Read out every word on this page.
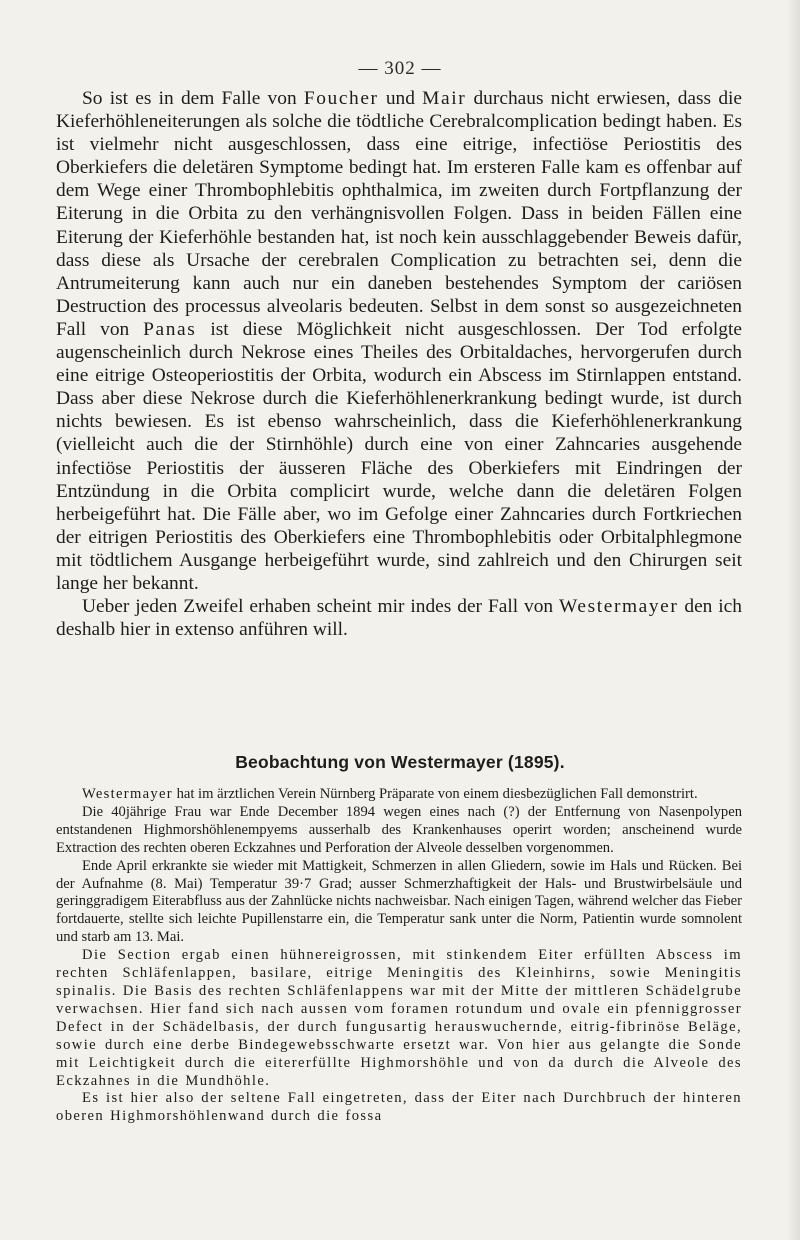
— 302 —

So ist es in dem Falle von Foucher und Mair durchaus nicht erwiesen, dass die Kieferhöhleneiterungen als solche die tödtliche Cerebralcomplication bedingt haben. Es ist vielmehr nicht ausgeschlossen, dass eine eitrige, infectiöse Periostitis des Oberkiefers die deletären Symptome bedingt hat. Im ersteren Falle kam es offenbar auf dem Wege einer Thrombophlebitis ophthalmica, im zweiten durch Fortpflanzung der Eiterung in die Orbita zu den verhängnisvollen Folgen. Dass in beiden Fällen eine Eiterung der Kieferhöhle bestanden hat, ist noch kein ausschlaggebender Beweis dafür, dass diese als Ursache der cerebralen Complication zu betrachten sei, denn die Antrumeiterung kann auch nur ein daneben bestehendes Symptom der cariösen Destruction des processus alveolaris bedeuten. Selbst in dem sonst so ausgezeichneten Fall von Panas ist diese Möglichkeit nicht ausgeschlossen. Der Tod erfolgte augenscheinlich durch Nekrose eines Theiles des Orbitaldaches, hervorgerufen durch eine eitrige Osteoperiostitis der Orbita, wodurch ein Abscess im Stirnlappen entstand. Dass aber diese Nekrose durch die Kieferhöhlenerkrankung bedingt wurde, ist durch nichts bewiesen. Es ist ebenso wahrscheinlich, dass die Kieferhöhlenerkrankung (vielleicht auch die der Stirnhöhle) durch eine von einer Zahncaries ausgehende infectiöse Periostitis der äusseren Fläche des Oberkiefers mit Eindringen der Entzündung in die Orbita complicirt wurde, welche dann die deletären Folgen herbeigeführt hat. Die Fälle aber, wo im Gefolge einer Zahncaries durch Fortkriechen der eitrigen Periostitis des Oberkiefers eine Thrombophlebitis oder Orbitalphlegmone mit tödtlichem Ausgange herbeigeführt wurde, sind zahlreich und den Chirurgen seit lange her bekannt.

Ueber jeden Zweifel erhaben scheint mir indes der Fall von Westermayer den ich deshalb hier in extenso anführen will.

Beobachtung von Westermayer (1895).

Westermayer hat im ärztlichen Verein Nürnberg Präparate von einem diesbezüglichen Fall demonstrirt.

Die 40jährige Frau war Ende December 1894 wegen eines nach (?) der Entfernung von Nasenpolypen entstandenen Highmorshöhlenempyems ausserhalb des Krankenhauses operirt worden; anscheinend wurde Extraction des rechten oberen Eckzahnes und Perforation der Alveole desselben vorgenommen.

Ende April erkrankte sie wieder mit Mattigkeit, Schmerzen in allen Gliedern, sowie im Hals und Rücken. Bei der Aufnahme (8. Mai) Temperatur 39·7 Grad; ausser Schmerzhaftigkeit der Hals- und Brustwirbelsäule und geringgradigem Eiterabfluss aus der Zahnlücke nichts nachweisbar. Nach einigen Tagen, während welcher das Fieber fortdauerte, stellte sich leichte Pupillenstarre ein, die Temperatur sank unter die Norm, Patientin wurde somnolent und starb am 13. Mai.

Die Section ergab einen hühnereigrossen, mit stinkendem Eiter erfüllten Abscess im rechten Schläfenlappen, basilare, eitrige Meningitis des Kleinhirns, sowie Meningitis spinalis. Die Basis des rechten Schläfenlappens war mit der Mitte der mittleren Schädelgrube verwachsen. Hier fand sich nach aussen vom foramen rotundum und ovale ein pfenniggrosser Defect in der Schädelbasis, der durch fungusartig herauswuchernde, eitrig-fibrinöse Beläge, sowie durch eine derbe Bindegewebsschwarte ersetzt war. Von hier aus gelangte die Sonde mit Leichtigkeit durch die eitererfüllte Highmorshöhle und von da durch die Alveole des Eckzahnes in die Mundhöhle.

Es ist hier also der seltene Fall eingetreten, dass der Eiter nach Durchbruch der hinteren oberen Highmorshöhlenwand durch die fossa
